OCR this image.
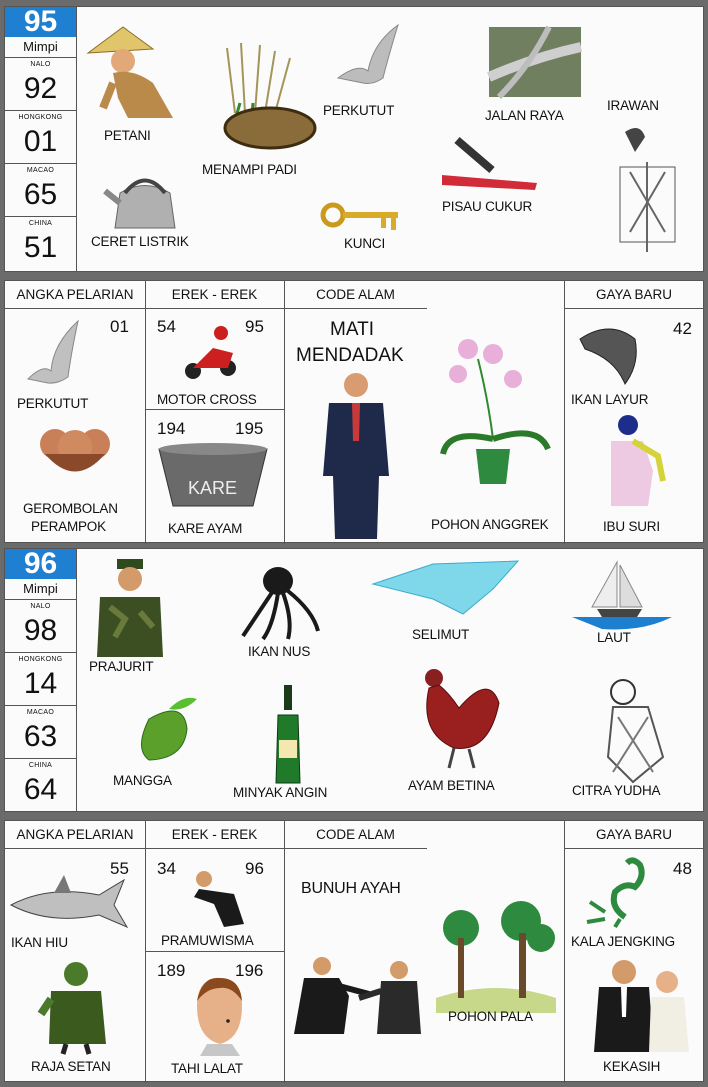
95
Mimpi
NALO
92
HONGKONG
01
MACAO
65
CHINA
51
PETANI
MENAMPI PADI
PERKUTUT	JALAN RAYA
IRAWAN
CERET LISTRIK	KUNCI
PISAU CUKUR
ANGKA PELARIAN	EREK - EREK	CODE ALAM	GAYA BARU
01
PERKUTUT
GEROMBOLAN
PERAMPOK
54	95
MOTOR CROSS
194	195
KARE
KARE AYAM
MATI
MENDADAK
POHON ANGGREK
42
IKAN LAYUR
IBU SURI
96
Mimpi
NALO
98
HONGKONG
14
MACAO
63
CHINA
64
PRAJURIT
IKAN NUS
SELIMUT	LAUT
MANGGA
MINYAK ANGIN	AYAM BETINA	CITRA YUDHA
ANGKA PELARIAN	EREK - EREK	CODE ALAM	GAYA BARU
55
IKAN HIU
RAJA SETAN
34	96
PRAMUWISMA
189	196
TAHI LALAT
BUNUH AYAH
POHON PALA
48
KALA JENGKING
KEKASIH
